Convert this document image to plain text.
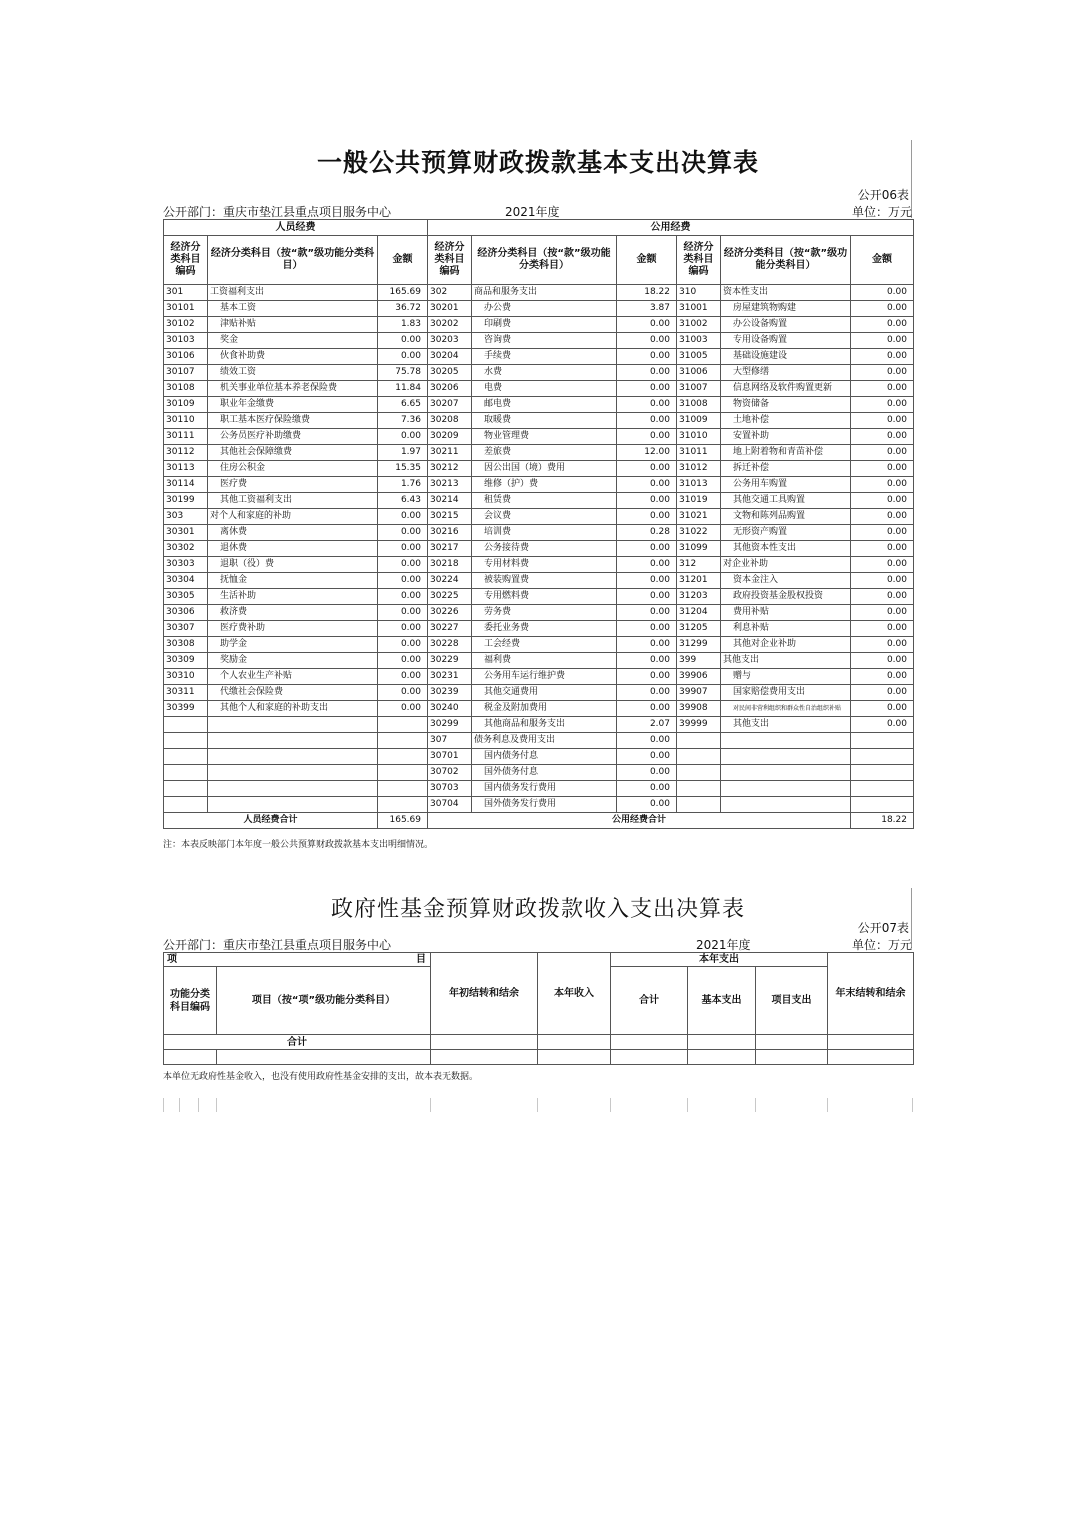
一般公共预算财政拨款基本支出决算表
公开06表
公开部门：重庆市垫江县重点项目服务中心	2021年度	单位：万元
人员经费			公用经费					
经济分类科目编码	经济分类科目（按“款”级功能分类科目）	金额	经济分类科目编码	经济分类科目（按“款”级功能分类科目）	金额	经济分类科目编码	经济分类科目（按“款”级功能分类科目）	金额
301	工资福利支出	165.69	302	商品和服务支出	18.22	310	资本性支出	0.00
30101	基本工资	36.72	30201	办公费	3.87	31001	房屋建筑物购建	0.00
30102	津贴补贴	1.83	30202	印刷费	0.00	31002	办公设备购置	0.00
30103	奖金	0.00	30203	咨询费	0.00	31003	专用设备购置	0.00
30106	伙食补助费	0.00	30204	手续费	0.00	31005	基础设施建设	0.00
30107	绩效工资	75.78	30205	水费	0.00	31006	大型修缮	0.00
30108	机关事业单位基本养老保险费	11.84	30206	电费	0.00	31007	信息网络及软件购置更新	0.00
30109	职业年金缴费	6.65	30207	邮电费	0.00	31008	物资储备	0.00
30110	职工基本医疗保险缴费	7.36	30208	取暖费	0.00	31009	土地补偿	0.00
30111	公务员医疗补助缴费	0.00	30209	物业管理费	0.00	31010	安置补助	0.00
30112	其他社会保障缴费	1.97	30211	差旅费	12.00	31011	地上附着物和青苗补偿	0.00
30113	住房公积金	15.35	30212	因公出国（境）费用	0.00	31012	拆迁补偿	0.00
30114	医疗费	1.76	30213	维修（护）费	0.00	31013	公务用车购置	0.00
30199	其他工资福利支出	6.43	30214	租赁费	0.00	31019	其他交通工具购置	0.00
303	对个人和家庭的补助	0.00	30215	会议费	0.00	31021	文物和陈列品购置	0.00
30301	离休费	0.00	30216	培训费	0.28	31022	无形资产购置	0.00
30302	退休费	0.00	30217	公务接待费	0.00	31099	其他资本性支出	0.00
30303	退职（役）费	0.00	30218	专用材料费	0.00	312	对企业补助	0.00
30304	抚恤金	0.00	30224	被装购置费	0.00	31201	资本金注入	0.00
30305	生活补助	0.00	30225	专用燃料费	0.00	31203	政府投资基金股权投资	0.00
30306	救济费	0.00	30226	劳务费	0.00	31204	费用补贴	0.00
30307	医疗费补助	0.00	30227	委托业务费	0.00	31205	利息补贴	0.00
30308	助学金	0.00	30228	工会经费	0.00	31299	其他对企业补助	0.00
30309	奖励金	0.00	30229	福利费	0.00	399	其他支出	0.00
30310	个人农业生产补贴	0.00	30231	公务用车运行维护费	0.00	39906	赠与	0.00
30311	代缴社会保险费	0.00	30239	其他交通费用	0.00	39907	国家赔偿费用支出	0.00
30399	其他个人和家庭的补助支出	0.00	30240	税金及附加费用	0.00	39908	对民间非营利组织和群众性自治组织补贴	0.00
			30299	其他商品和服务支出	2.07	39999	其他支出	0.00
			307	债务利息及费用支出	0.00			
			30701	国内债务付息	0.00			
			30702	国外债务付息	0.00			
			30703	国内债务发行费用	0.00			
			30704	国外债务发行费用	0.00			
人员经费合计		165.69	公用经费合计					18.22
注：本表反映部门本年度一般公共预算财政拨款基本支出明细情况。
政府性基金预算财政拨款收入支出决算表
公开07表
公开部门：重庆市垫江县重点项目服务中心	2021年度	单位：万元
项 目		年初结转和结余	本年收入	本年支出			年末结转和结余
功能分类科目编码	项目（按“项”级功能分类科目）			合计	基本支出	项目支出	
合计							

本单位无政府性基金收入，也没有使用政府性基金安排的支出，故本表无数据。
